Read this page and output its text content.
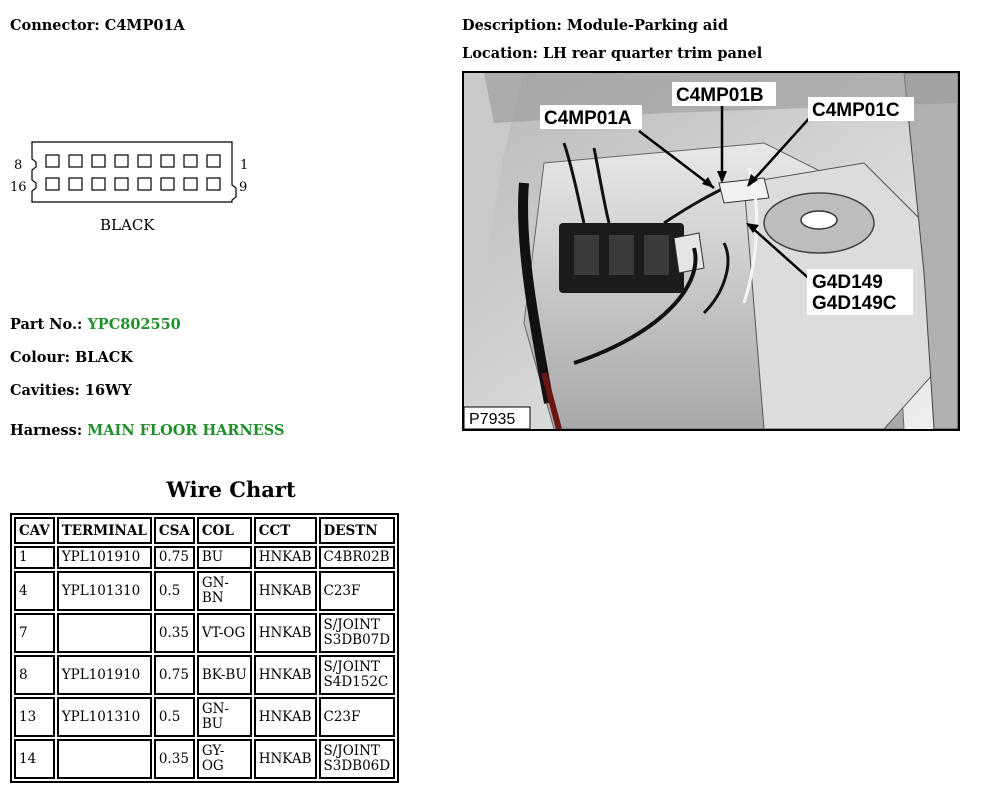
Connector: C4MP01A	Description: Module-Parking aid
Location: LH rear quarter trim panel
8	1
16	9
BLACK
C4MP01A
C4MP01B
C4MP01C
G4D149
G4D149C
P7935
Part No.: YPC802550
Colour: BLACK
Cavities: 16WY
Harness: MAIN FLOOR HARNESS
Wire Chart
CAV	TERMINAL	CSA	COL	CCT	DESTN

1	YPL101910	0.75	BU	HNKAB	C4BR02B

4	YPL101310	0.5	GN-
BN	HNKAB	C23F

7		0.35	VT-OG	HNKAB	S/JOINT
S3DB07D

8	YPL101910	0.75	BK-BU	HNKAB	S/JOINT
S4D152C

13	YPL101310	0.5	GN-
BU	HNKAB	C23F

14		0.35	GY-
OG	HNKAB	S/JOINT
S3DB06D
